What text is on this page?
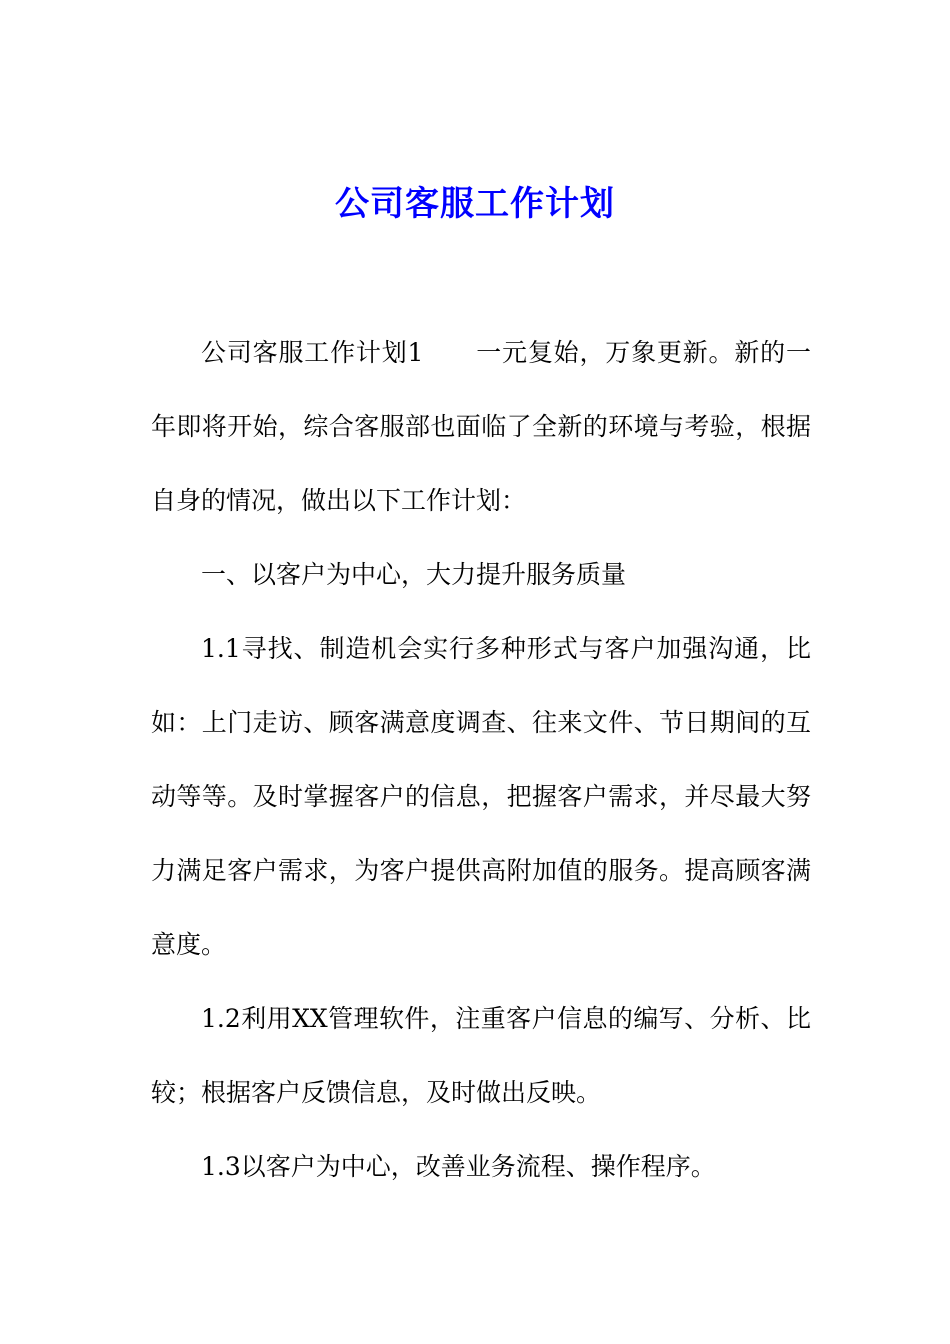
公司客服工作计划

公司客服工作计划1 一元复始，万象更新。新的一年即将开始，综合客服部也面临了全新的环境与考验，根据自身的情况，做出以下工作计划：

一、以客户为中心，大力提升服务质量

1.1寻找、制造机会实行多种形式与客户加强沟通，比如：上门走访、顾客满意度调查、往来文件、节日期间的互动等等。及时掌握客户的信息，把握客户需求，并尽最大努力满足客户需求，为客户提供高附加值的服务。提高顾客满意度。

1.2利用XX管理软件，注重客户信息的编写、分析、比较；根据客户反馈信息，及时做出反映。

1.3以客户为中心，改善业务流程、操作程序。
